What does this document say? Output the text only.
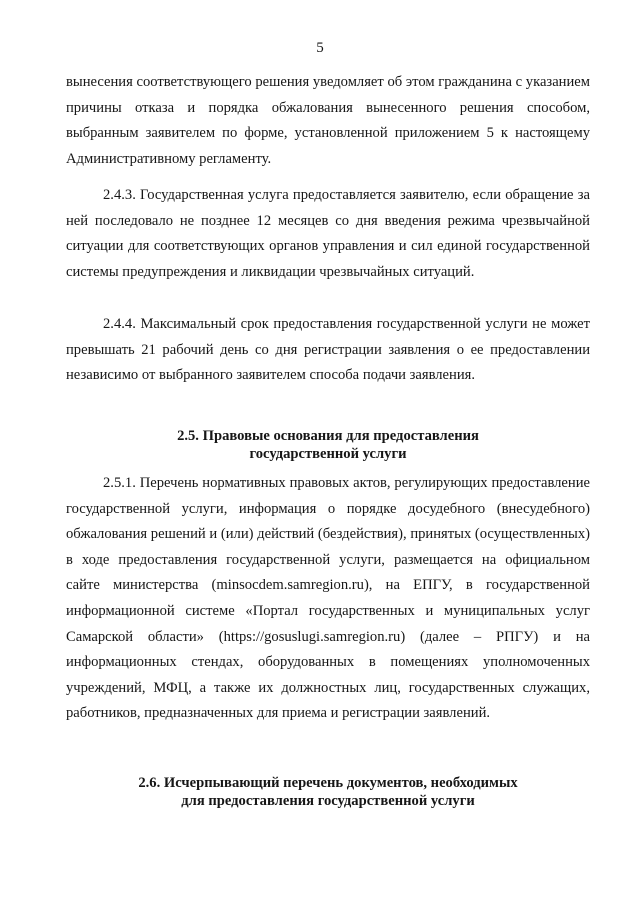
5

вынесения соответствующего решения уведомляет об этом гражданина с указанием причины отказа и порядка обжалования вынесенного решения способом, выбранным заявителем по форме, установленной приложением 5 к настоящему Административному регламенту.

2.4.3. Государственная услуга предоставляется заявителю, если обращение за ней последовало не позднее 12 месяцев со дня введения режима чрезвычайной ситуации для соответствующих органов управления и сил единой государственной системы предупреждения и ликвидации чрезвычайных ситуаций.

2.4.4. Максимальный срок предоставления государственной услуги не может превышать 21 рабочий день со дня регистрации заявления о ее предоставлении независимо от выбранного заявителем способа подачи заявления.

2.5. Правовые основания для предоставления
государственной услуги

2.5.1. Перечень нормативных правовых актов, регулирующих предоставление государственной услуги, информация о порядке досудебного (внесудебного) обжалования решений и (или) действий (бездействия), принятых (осуществленных) в ходе предоставления государственной услуги, размещается на официальном сайте министерства (minsocdem.samregion.ru), на ЕПГУ, в государственной информационной системе «Портал государственных и муниципальных услуг Самарской области» (https://gosuslugi.samregion.ru) (далее – РПГУ) и на информационных стендах, оборудованных в помещениях уполномоченных учреждений, МФЦ, а также их должностных лиц, государственных служащих, работников, предназначенных для приема и регистрации заявлений.

2.6. Исчерпывающий перечень документов, необходимых
для предоставления государственной услуги
